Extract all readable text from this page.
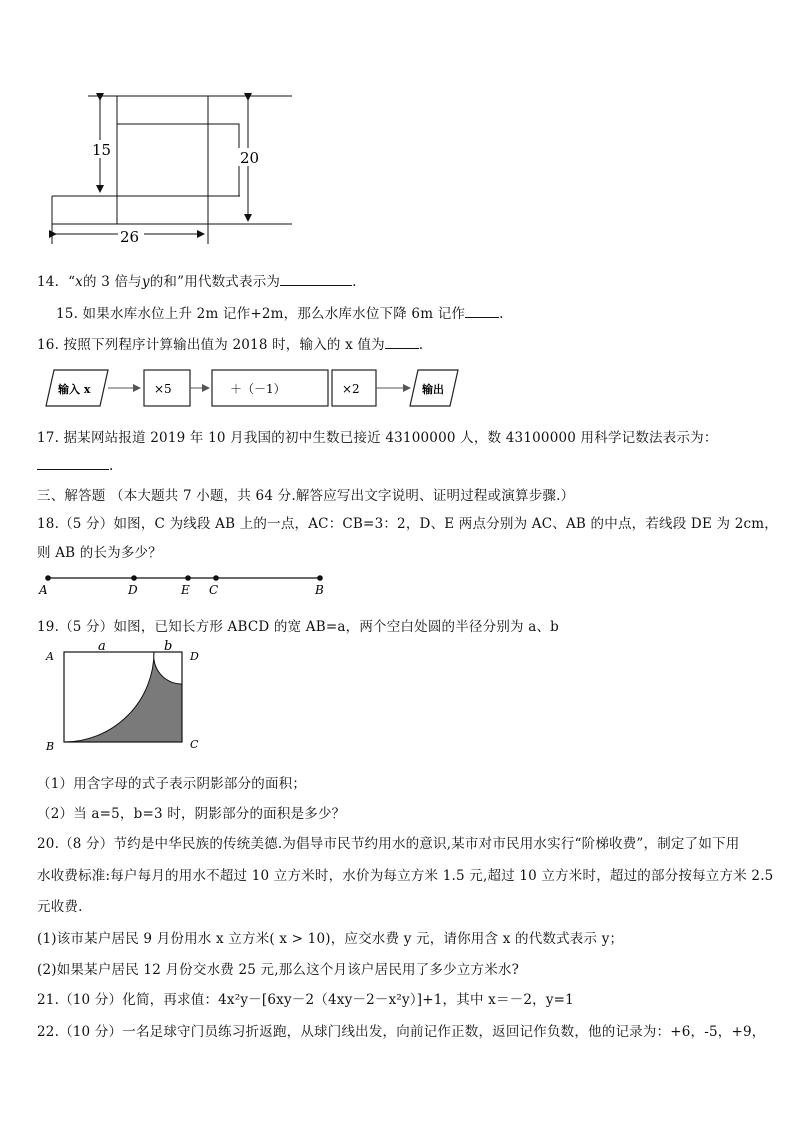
15	20
26
14. “x的 3 倍与y的和”用代数式表示为	.
15. 如果水库水位上升 2m 记作+2m，那么水库水位下降 6m 记作	.
16. 按照下列程序计算输出值为 2018 时，输入的 x 值为	.
输入 x	×5	＋（－1）	×2	输出
17. 据某网站报道 2019 年 10 月我国的初中生数已接近 43100000 人，数 43100000 用科学记数法表示为：
.
三、解答题 （本大题共 7 小题，共 64 分.解答应写出文字说明、证明过程或演算步骤.）
18.（5 分）如图，C 为线段 AB 上的一点，AC：CB=3：2，D、E 两点分别为 AC、AB 的中点，若线段 DE 为 2cm，
则 AB 的长为多少？
A	D	E C	B
19.（5 分）如图，已知长方形 ABCD 的宽 AB=a，两个空白处圆的半径分别为 a、b
A
a	b
D
B	C
（1）用含字母的式子表示阴影部分的面积；
（2）当 a=5，b=3 时，阴影部分的面积是多少？
20.（8 分）节约是中华民族的传统美德.为倡导市民节约用水的意识,某市对市民用水实行“阶梯收费”，制定了如下用
水收费标准:每户每月的用水不超过 10 立方米时，水价为每立方米 1.5 元,超过 10 立方米时，超过的部分按每立方米 2.5
元收费.
(1)该市某户居民 9 月份用水 x 立方米( x > 10)，应交水费 y 元，请你用含 x 的代数式表示 y；
(2)如果某户居民 12 月份交水费 25 元,那么这个月该户居民用了多少立方米水?
21.（10 分）化简，再求值：4x²y－[6xy－2（4xy－2－x²y）]+1，其中 x＝－2，y=1
22.（10 分）一名足球守门员练习折返跑，从球门线出发，向前记作正数，返回记作负数，他的记录为：+6，-5，+9，
